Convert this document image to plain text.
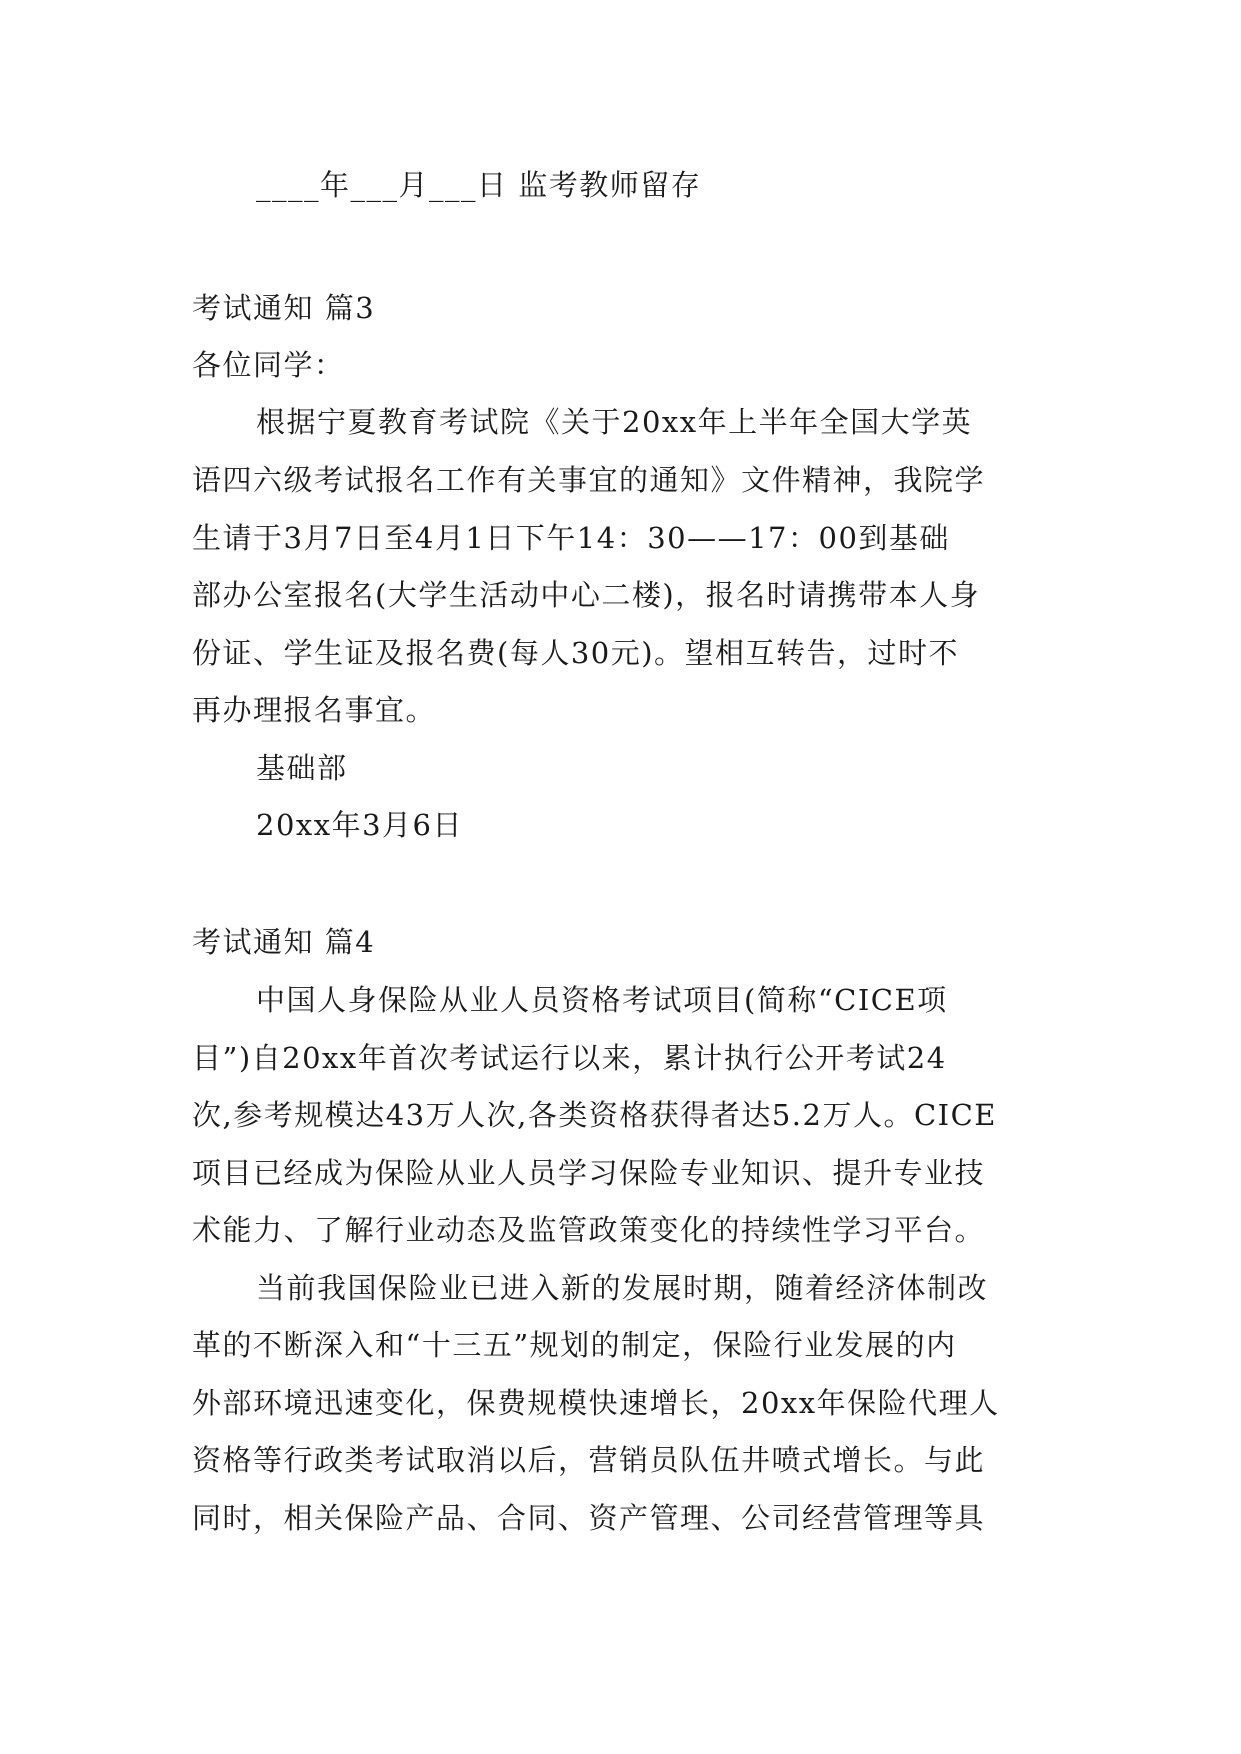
____年___月___日 监考教师留存
考试通知 篇3
各位同学：
根据宁夏教育考试院《关于20xx年上半年全国大学英
语四六级考试报名工作有关事宜的通知》文件精神，我院学
生请于3月7日至4月1日下午14：30——17：00到基础
部办公室报名(大学生活动中心二楼)，报名时请携带本人身
份证、学生证及报名费(每人30元)。望相互转告，过时不
再办理报名事宜。
基础部
20xx年3月6日
考试通知 篇4
中国人身保险从业人员资格考试项目(简称“CICE项
目”)自20xx年首次考试运行以来，累计执行公开考试24
次,参考规模达43万人次,各类资格获得者达5.2万人。CICE
项目已经成为保险从业人员学习保险专业知识、提升专业技
术能力、了解行业动态及监管政策变化的持续性学习平台。
当前我国保险业已进入新的发展时期，随着经济体制改
革的不断深入和“十三五”规划的制定，保险行业发展的内
外部环境迅速变化，保费规模快速增长，20xx年保险代理人
资格等行政类考试取消以后，营销员队伍井喷式增长。与此
同时，相关保险产品、合同、资产管理、公司经营管理等具
